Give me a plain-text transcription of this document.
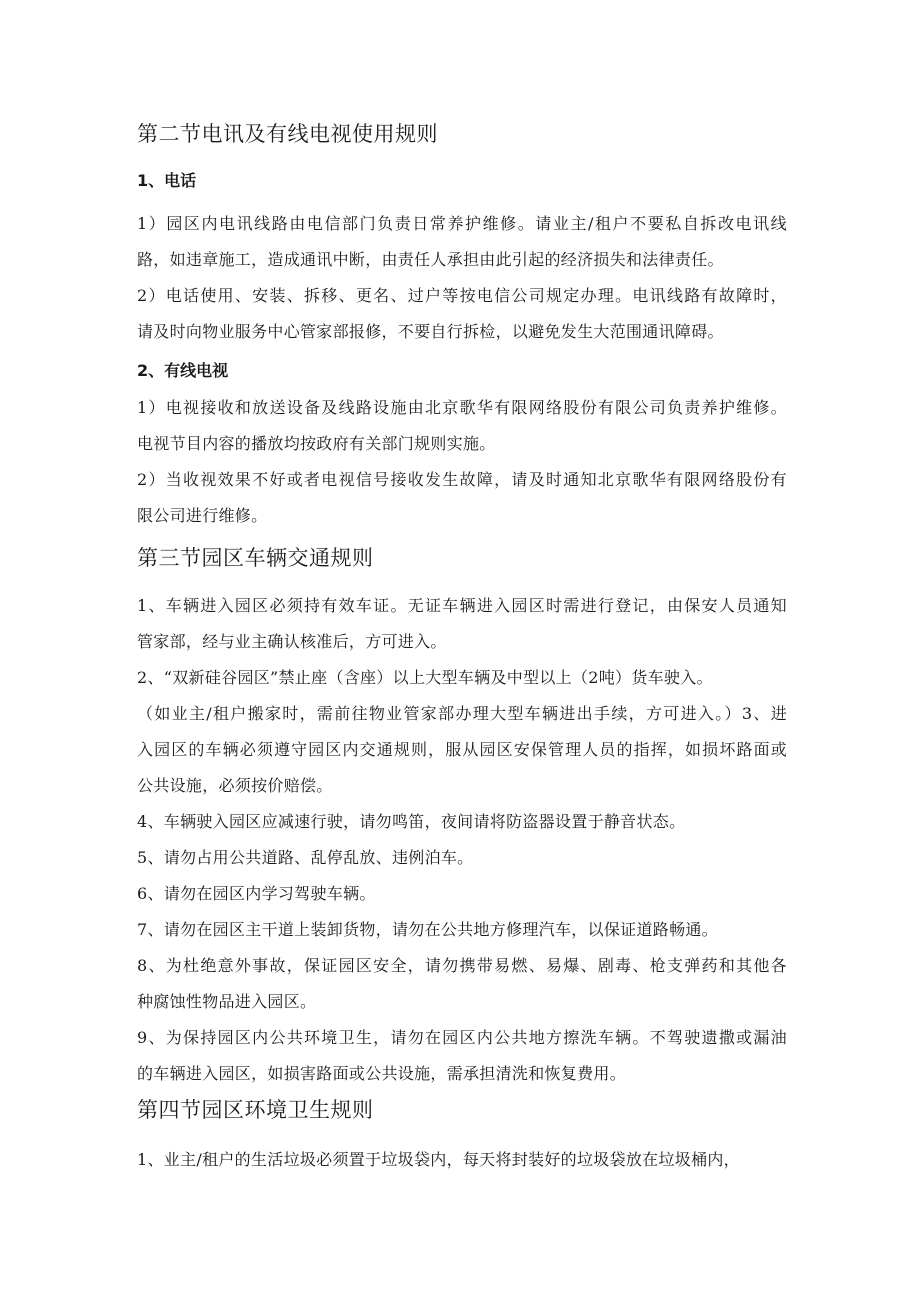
第二节电讯及有线电视使用规则
1、电话

1）园区内电讯线路由电信部门负责日常养护维修。请业主/租户不要私自拆改电讯线
路，如违章施工，造成通讯中断，由责任人承担由此引起的经济损失和法律责任。

2）电话使用、安装、拆移、更名、过户等按电信公司规定办理。电讯线路有故障时，
请及时向物业服务中心管家部报修，不要自行拆检，以避免发生大范围通讯障碍。

2、有线电视

1）电视接收和放送设备及线路设施由北京歌华有限网络股份有限公司负责养护维修。
电视节目内容的播放均按政府有关部门规则实施。

2）当收视效果不好或者电视信号接收发生故障，请及时通知北京歌华有限网络股份有
限公司进行维修。

第三节园区车辆交通规则

1、车辆进入园区必须持有效车证。无证车辆进入园区时需进行登记，由保安人员通知
管家部，经与业主确认核准后，方可进入。

2、“双新硅谷园区”禁止座（含座）以上大型车辆及中型以上（2吨）货车驶入。
（如业主/租户搬家时，需前往物业管家部办理大型车辆进出手续，方可进入。）3、进
入园区的车辆必须遵守园区内交通规则，服从园区安保管理人员的指挥，如损坏路面或
公共设施，必须按价赔偿。

4、车辆驶入园区应减速行驶，请勿鸣笛，夜间请将防盗器设置于静音状态。

5、请勿占用公共道路、乱停乱放、违例泊车。

6、请勿在园区内学习驾驶车辆。

7、请勿在园区主干道上装卸货物，请勿在公共地方修理汽车，以保证道路畅通。

8、为杜绝意外事故，保证园区安全，请勿携带易燃、易爆、剧毒、枪支弹药和其他各
种腐蚀性物品进入园区。

9、为保持园区内公共环境卫生，请勿在园区内公共地方擦洗车辆。不驾驶遗撒或漏油
的车辆进入园区，如损害路面或公共设施，需承担清洗和恢复费用。

第四节园区环境卫生规则

1、业主/租户的生活垃圾必须置于垃圾袋内，每天将封装好的垃圾袋放在垃圾桶内，
